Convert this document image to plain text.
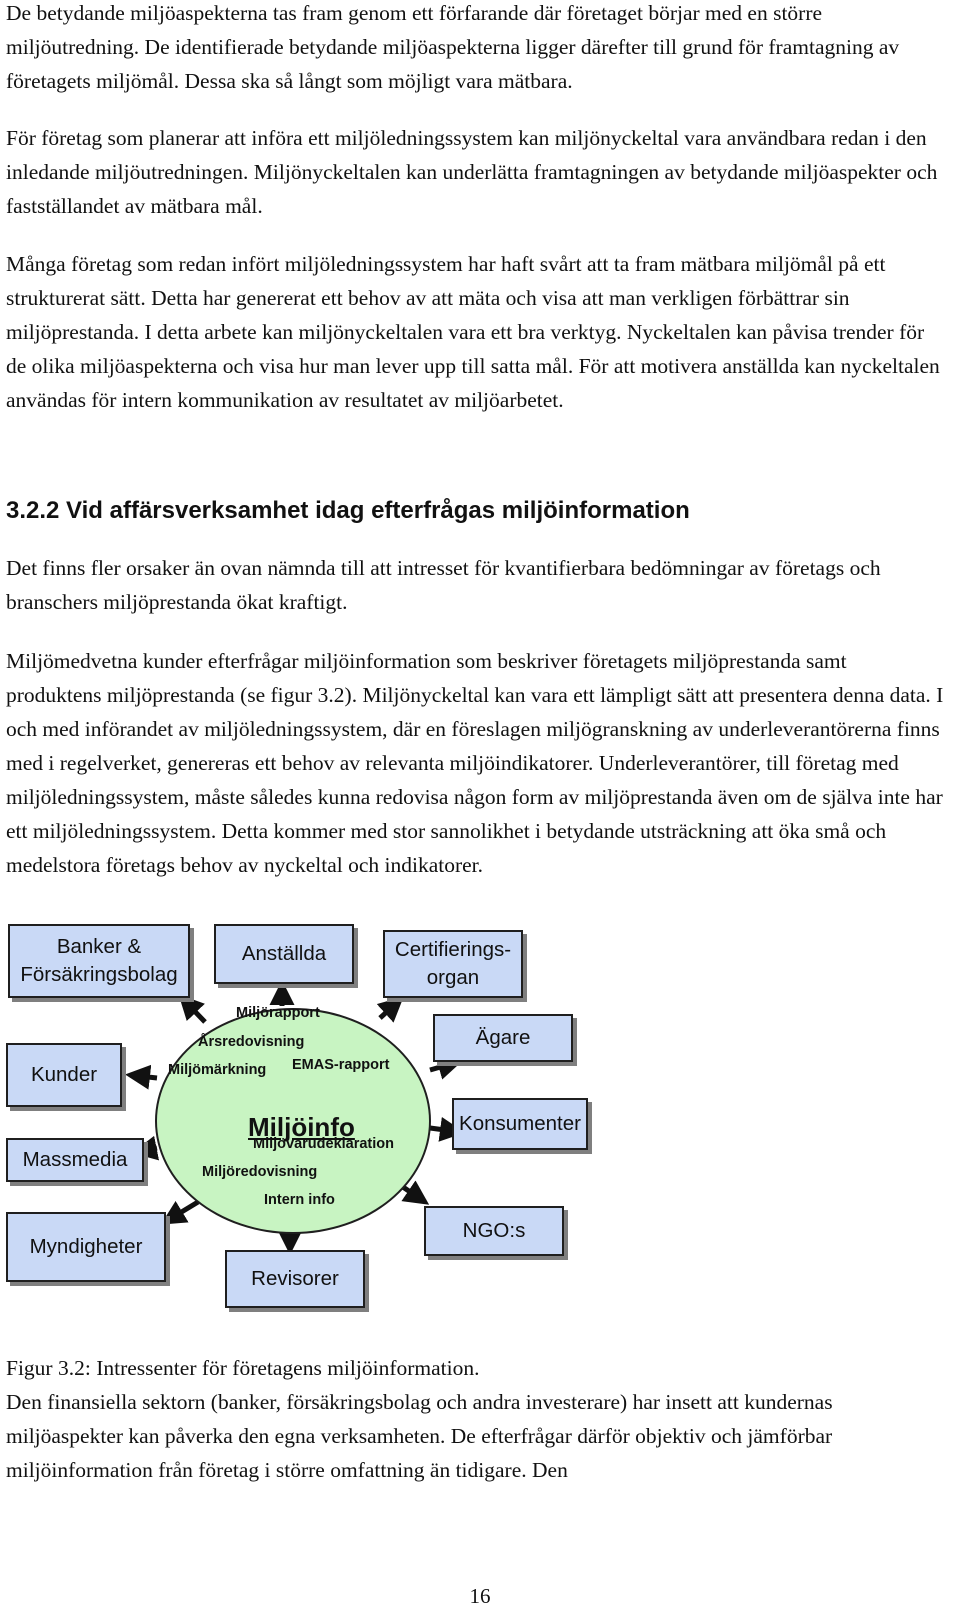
De betydande miljöaspekterna tas fram genom ett förfarande där företaget börjar med en större miljöutredning. De identifierade betydande miljöaspekterna ligger därefter till grund för framtagning av företagets miljömål. Dessa ska så långt som möjligt vara mätbara.

För företag som planerar att införa ett miljöledningssystem kan miljönyckeltal vara användbara redan i den inledande miljöutredningen. Miljönyckeltalen kan underlätta framtagningen av betydande miljöaspekter och fastställandet av mätbara mål.

Många företag som redan infört miljöledningssystem har haft svårt att ta fram mätbara miljömål på ett strukturerat sätt. Detta har genererat ett behov av att mäta och visa att man verkligen förbättrar sin miljöprestanda. I detta arbete kan miljönyckeltalen vara ett bra verktyg. Nyckeltalen kan påvisa trender för de olika miljöaspekterna och visa hur man lever upp till satta mål. För att motivera anställda kan nyckeltalen användas för intern kommunikation av resultatet av miljöarbetet.

3.2.2 Vid affärsverksamhet idag efterfrågas miljöinformation

Det finns fler orsaker än ovan nämnda till att intresset för kvantifierbara bedömningar av företags och branschers miljöprestanda ökat kraftigt.

Miljömedvetna kunder efterfrågar miljöinformation som beskriver företagets miljöprestanda samt produktens miljöprestanda (se figur 3.2). Miljönyckeltal kan vara ett lämpligt sätt att presentera denna data. I och med införandet av miljöledningssystem, där en föreslagen miljögranskning av underleverantörerna finns med i regelverket, genereras ett behov av relevanta miljöindikatorer. Underleverantörer, till företag med miljöledningssystem, måste således kunna redovisa någon form av miljöprestanda även om de själva inte har ett miljöledningssystem. Detta kommer med stor sannolikhet i betydande utsträckning att öka små och medelstora företags behov av nyckeltal och indikatorer.

Banker &
Försäkringsbolag
Anställda	Certifierings-
organ
Ägare
Konsumenter
NGO:s
Revisorer
Myndigheter
Massmedia
Kunder
Miljörapport
Årsredovisning
Miljömärkning EMAS-rapport
Miljöinfo
Miljövarudeklaration
Miljöredovisning
Intern info

Figur 3.2: Intressenter för företagens miljöinformation.

Den finansiella sektorn (banker, försäkringsbolag och andra investerare) har insett att kundernas miljöaspekter kan påverka den egna verksamheten. De efterfrågar därför objektiv och jämförbar miljöinformation från företag i större omfattning än tidigare. Den

16
